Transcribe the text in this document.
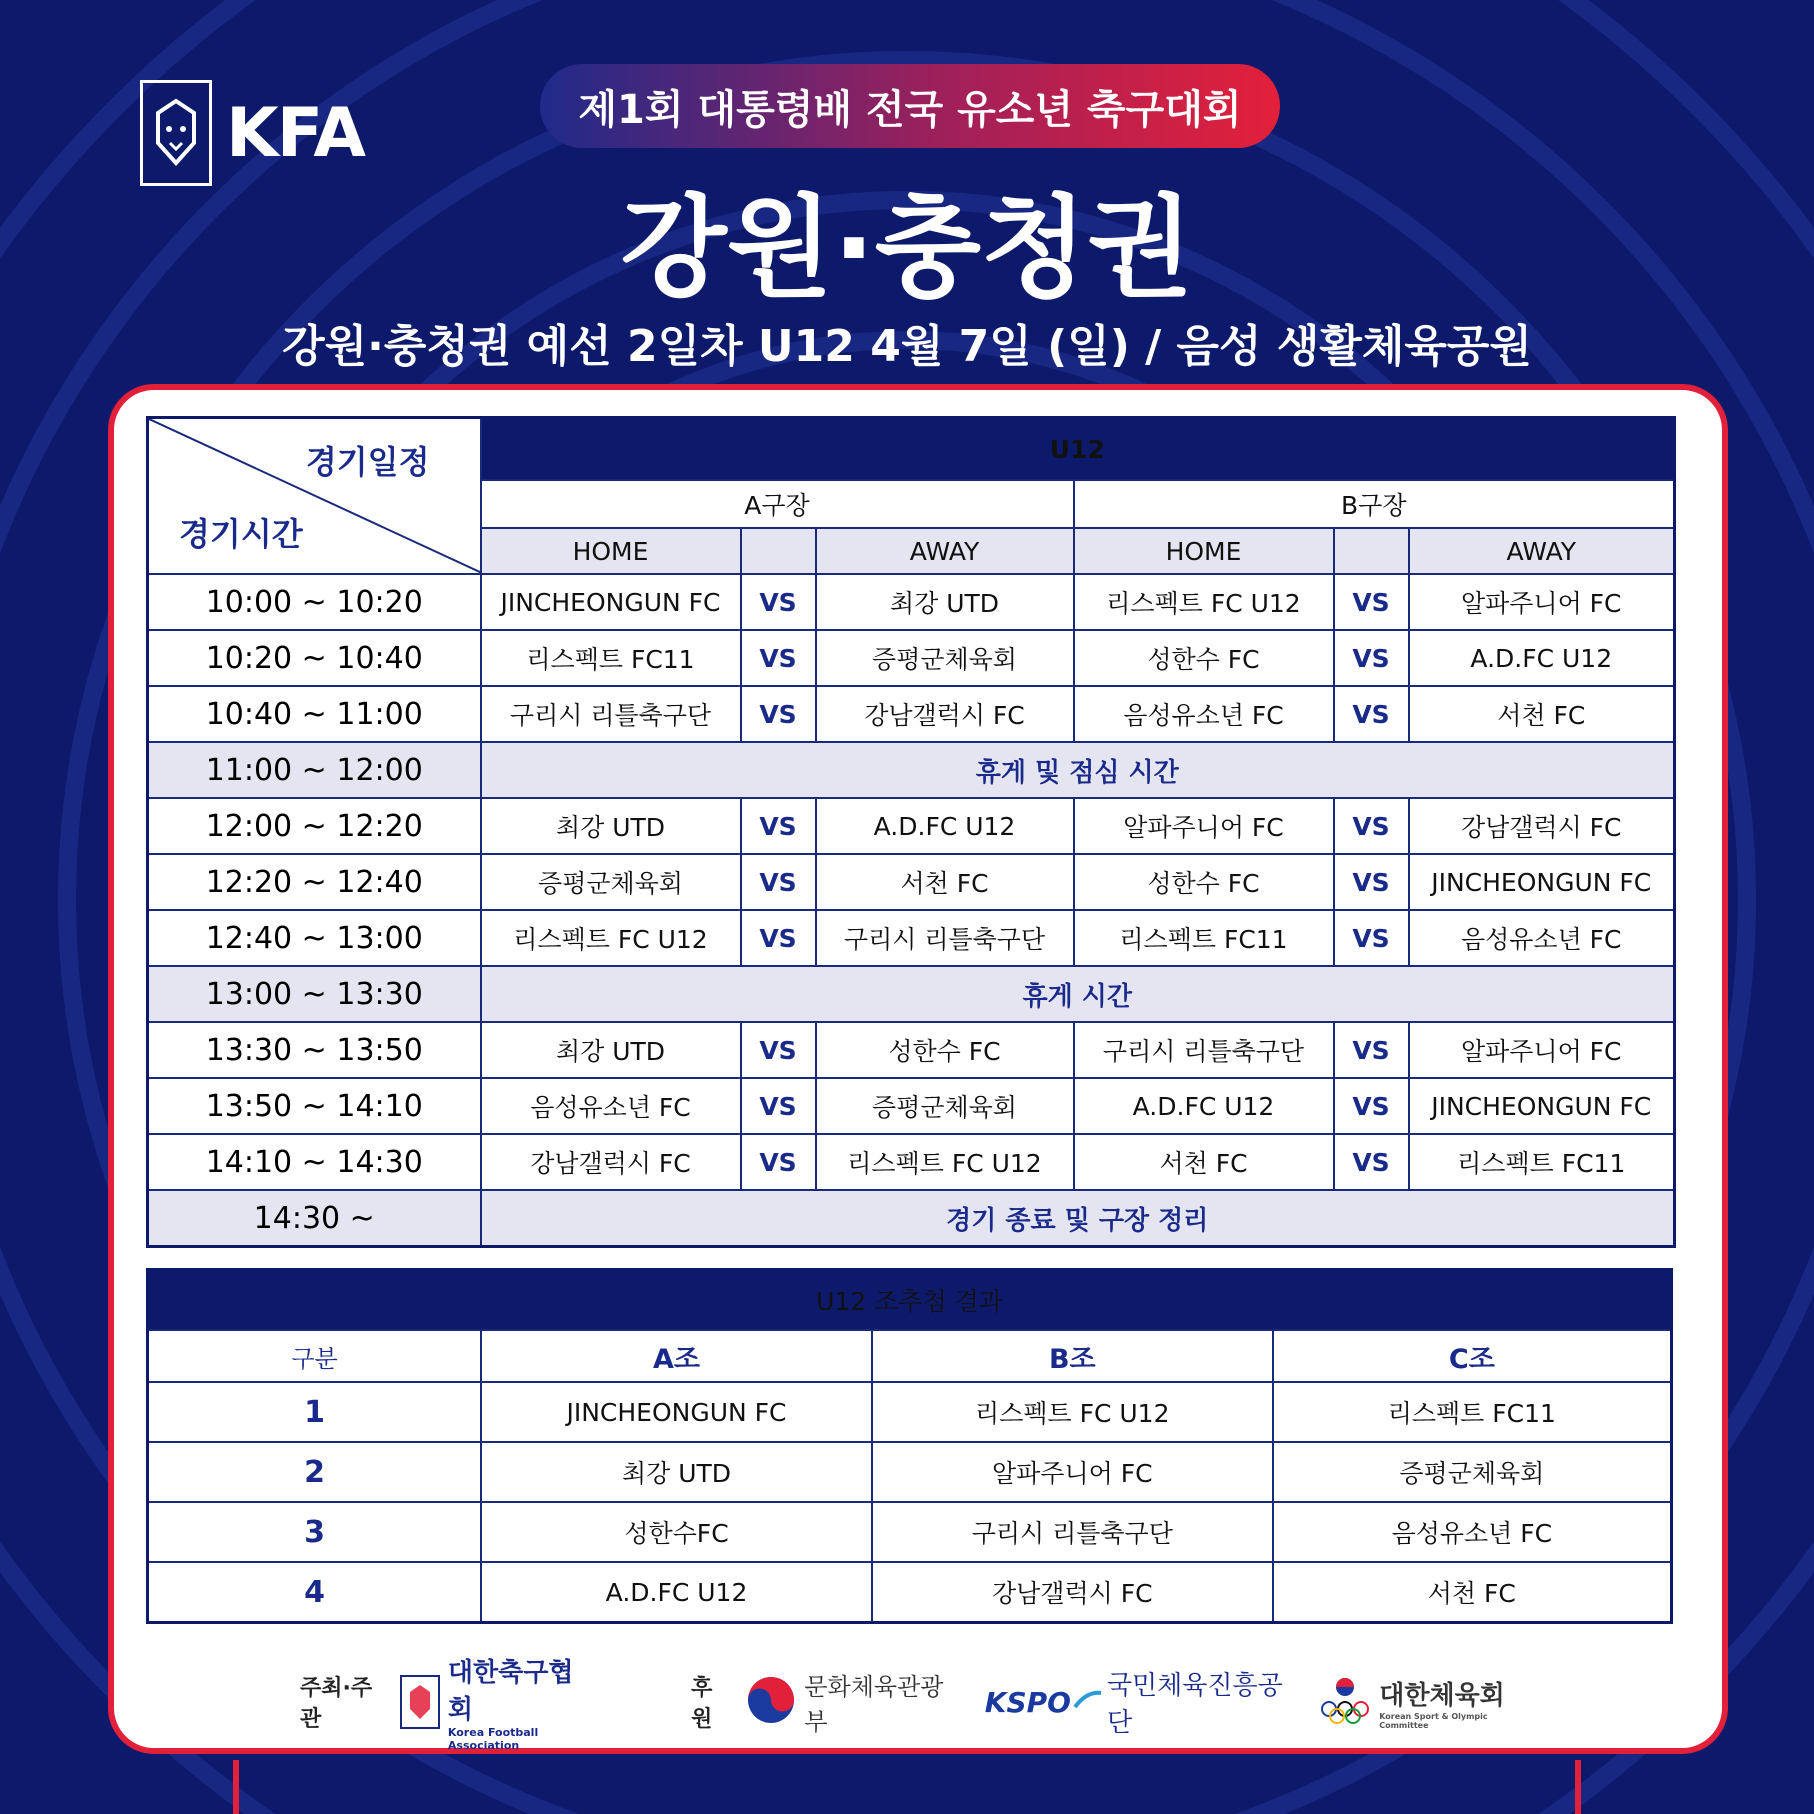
KFA	제1회 대통령배 전국 유소년 축구대회
강원·충청권
강원·충청권 예선 2일차 U12 4월 7일 (일) / 음성 생활체육공원
경기일정
경기시간	U12					
	A구장			B구장		
	HOME		AWAY	HOME		AWAY
10:00 ~ 10:20	JINCHEONGUN FC	VS	최강 UTD	리스펙트 FC U12	VS	알파주니어 FC
10:20 ~ 10:40	리스펙트 FC11	VS	증평군체육회	성한수 FC	VS	A.D.FC U12
10:40 ~ 11:00	구리시 리틀축구단	VS	강남갤럭시 FC	음성유소년 FC	VS	서천 FC
11:00 ~ 12:00	휴게 및 점심 시간					
12:00 ~ 12:20	최강 UTD	VS	A.D.FC U12	알파주니어 FC	VS	강남갤럭시 FC
12:20 ~ 12:40	증평군체육회	VS	서천 FC	성한수 FC	VS	JINCHEONGUN FC
12:40 ~ 13:00	리스펙트 FC U12	VS	구리시 리틀축구단	리스펙트 FC11	VS	음성유소년 FC
13:00 ~ 13:30	휴게 시간					
13:30 ~ 13:50	최강 UTD	VS	성한수 FC	구리시 리틀축구단	VS	알파주니어 FC
13:50 ~ 14:10	음성유소년 FC	VS	증평군체육회	A.D.FC U12	VS	JINCHEONGUN FC
14:10 ~ 14:30	강남갤럭시 FC	VS	리스펙트 FC U12	서천 FC	VS	리스펙트 FC11
14:30 ~	경기 종료 및 구장 정리					
U12 조추첨 결과			
구분	A조	B조	C조
1	JINCHEONGUN FC	리스펙트 FC U12	리스펙트 FC11
2	최강 UTD	알파주니어 FC	증평군체육회
3	성한수FC	구리시 리틀축구단	음성유소년 FC
4	A.D.FC U12	강남갤럭시 FC	서천 FC
주최·주관
대한축구협회
Korea Football Association
후원
문화체육관광부
KSPO 국민체육진흥공단
대한체육회
Korean Sport & Olympic Committee
